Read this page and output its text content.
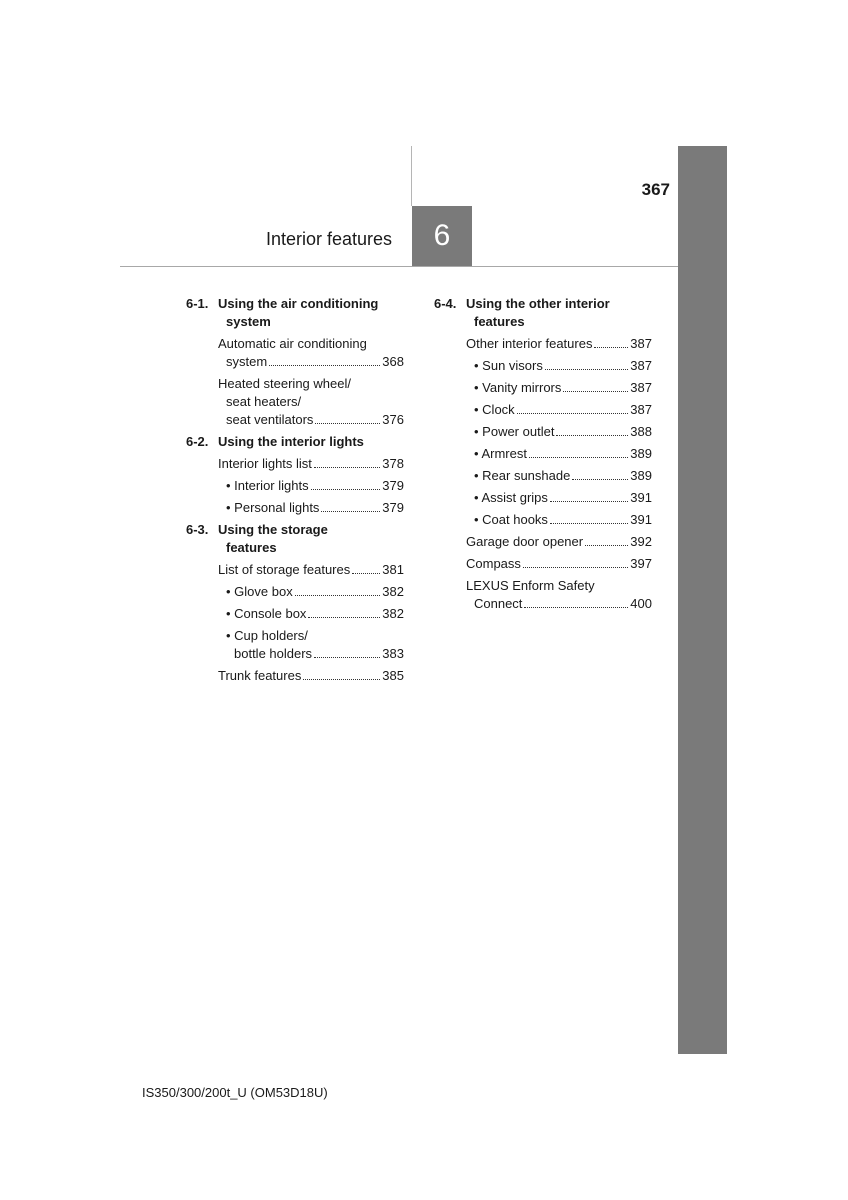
367
Interior features	6
6-1. Using the air conditioning
system
Automatic air conditioning
system	368
Heated steering wheel/
seat heaters/
seat ventilators	376
6-2. Using the interior lights
Interior lights list	378
• Interior lights	379
• Personal lights	379
6-3. Using the storage
features
List of storage features 381
• Glove box	382
• Console box	382
• Cup holders/
bottle holders	383
Trunk features	385
6-4. Using the other interior
features
Other interior features	387
• Sun visors	387
• Vanity mirrors	387
• Clock	387
• Power outlet	388
• Armrest	389
• Rear sunshade	389
• Assist grips	391
• Coat hooks	391
Garage door opener	392
Compass	397
LEXUS Enform Safety
Connect	400
IS350/300/200t_U (OM53D18U)
